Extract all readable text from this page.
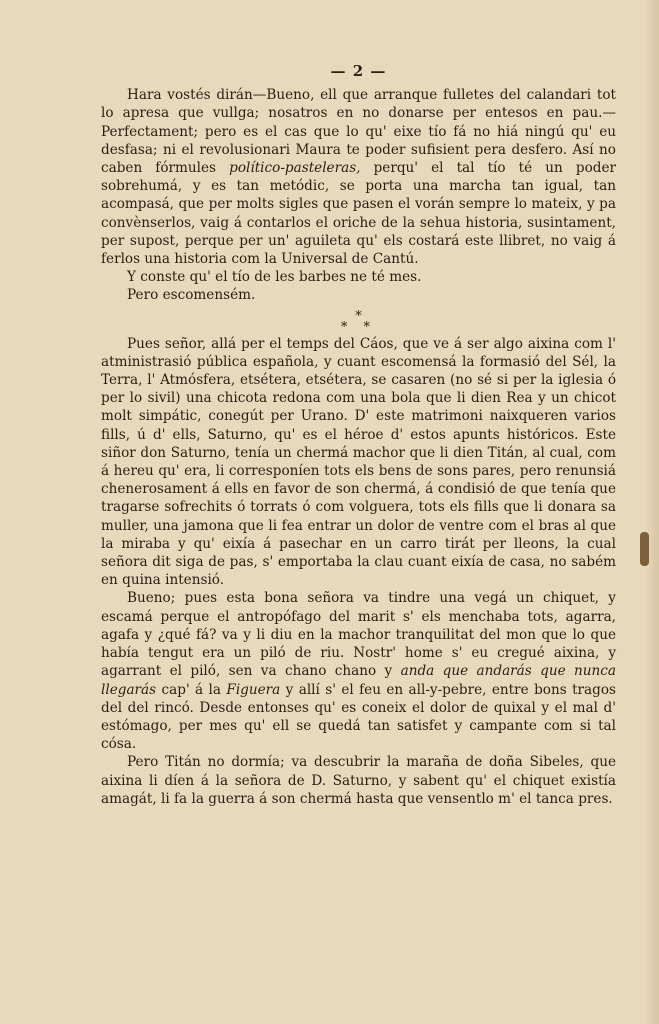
— 2 —

Hara vostés dirán—Bueno, ell que arranque fulletes del calandari tot lo apresa que vullga; nosatros en no donarse per entesos en pau.—Perfectament; pero es el cas que lo qu' eixe tío fá no hiá ningú qu' eu desfasa; ni el revolusionari Maura te poder sufisient pera desfero. Así no caben fórmules político-pasteleras, perqu' el tal tío té un poder sobrehumá, y es tan metódic, se porta una marcha tan igual, tan acompasá, que per molts sigles que pasen el vorán sempre lo mateix, y pa convènserlos, vaig á contarlos el oriche de la sehua historia, susintament, per supost, perque per un' aguileta qu' els costará este llibret, no vaig á ferlos una historia com la Universal de Cantú.

Y conste qu' el tío de les barbes ne té mes.

Pero escomensém.

*
* *

Pues señor, allá per el temps del Cáos, que ve á ser algo aixina com l' atministrasió pública española, y cuant escomensá la formasió del Sél, la Terra, l' Atmósfera, etsétera, etsétera, se casaren (no sé si per la iglesia ó per lo sivil) una chicota redona com una bola que li dien Rea y un chicot molt simpátic, conegút per Urano. D' este matrimoni naixqueren varios fills, ú d' ells, Saturno, qu' es el héroe d' estos apunts históricos. Este siñor don Saturno, tenía un chermá machor que li dien Titán, al cual, com á hereu qu' era, li corresponíen tots els bens de sons pares, pero renunsiá chenerosament á ells en favor de son chermá, á condisió de que tenía que tragarse sofrechits ó torrats ó com volguera, tots els fills que li donara sa muller, una jamona que li fea entrar un dolor de ventre com el bras al que la miraba y qu' eixía á pasechar en un carro tirát per lleons, la cual señora dit siga de pas, s' emportaba la clau cuant eixía de casa, no sabém en quina intensió.

Bueno; pues esta bona señora va tindre una vegá un chiquet, y escamá perque el antropófago del marit s' els menchaba tots, agarra, agafa y ¿qué fá? va y li diu en la machor tranquilitat del mon que lo que había tengut era un piló de riu. Nostr' home s' eu cregué aixina, y agarrant el piló, sen va chano chano y anda que andarás que nunca llegarás cap' á la Figuera y allí s' el feu en all-y-pebre, entre bons tragos del del rincó. Desde entonses qu' es coneix el dolor de quixal y el mal d' estómago, per mes qu' ell se quedá tan satisfet y campante com si tal cósa.

Pero Titán no dormía; va descubrir la maraña de doña Sibeles, que aixina li díen á la señora de D. Saturno, y sabent qu' el chiquet existía amagát, li fa la guerra á son chermá hasta que vensentlo m' el tanca pres.
